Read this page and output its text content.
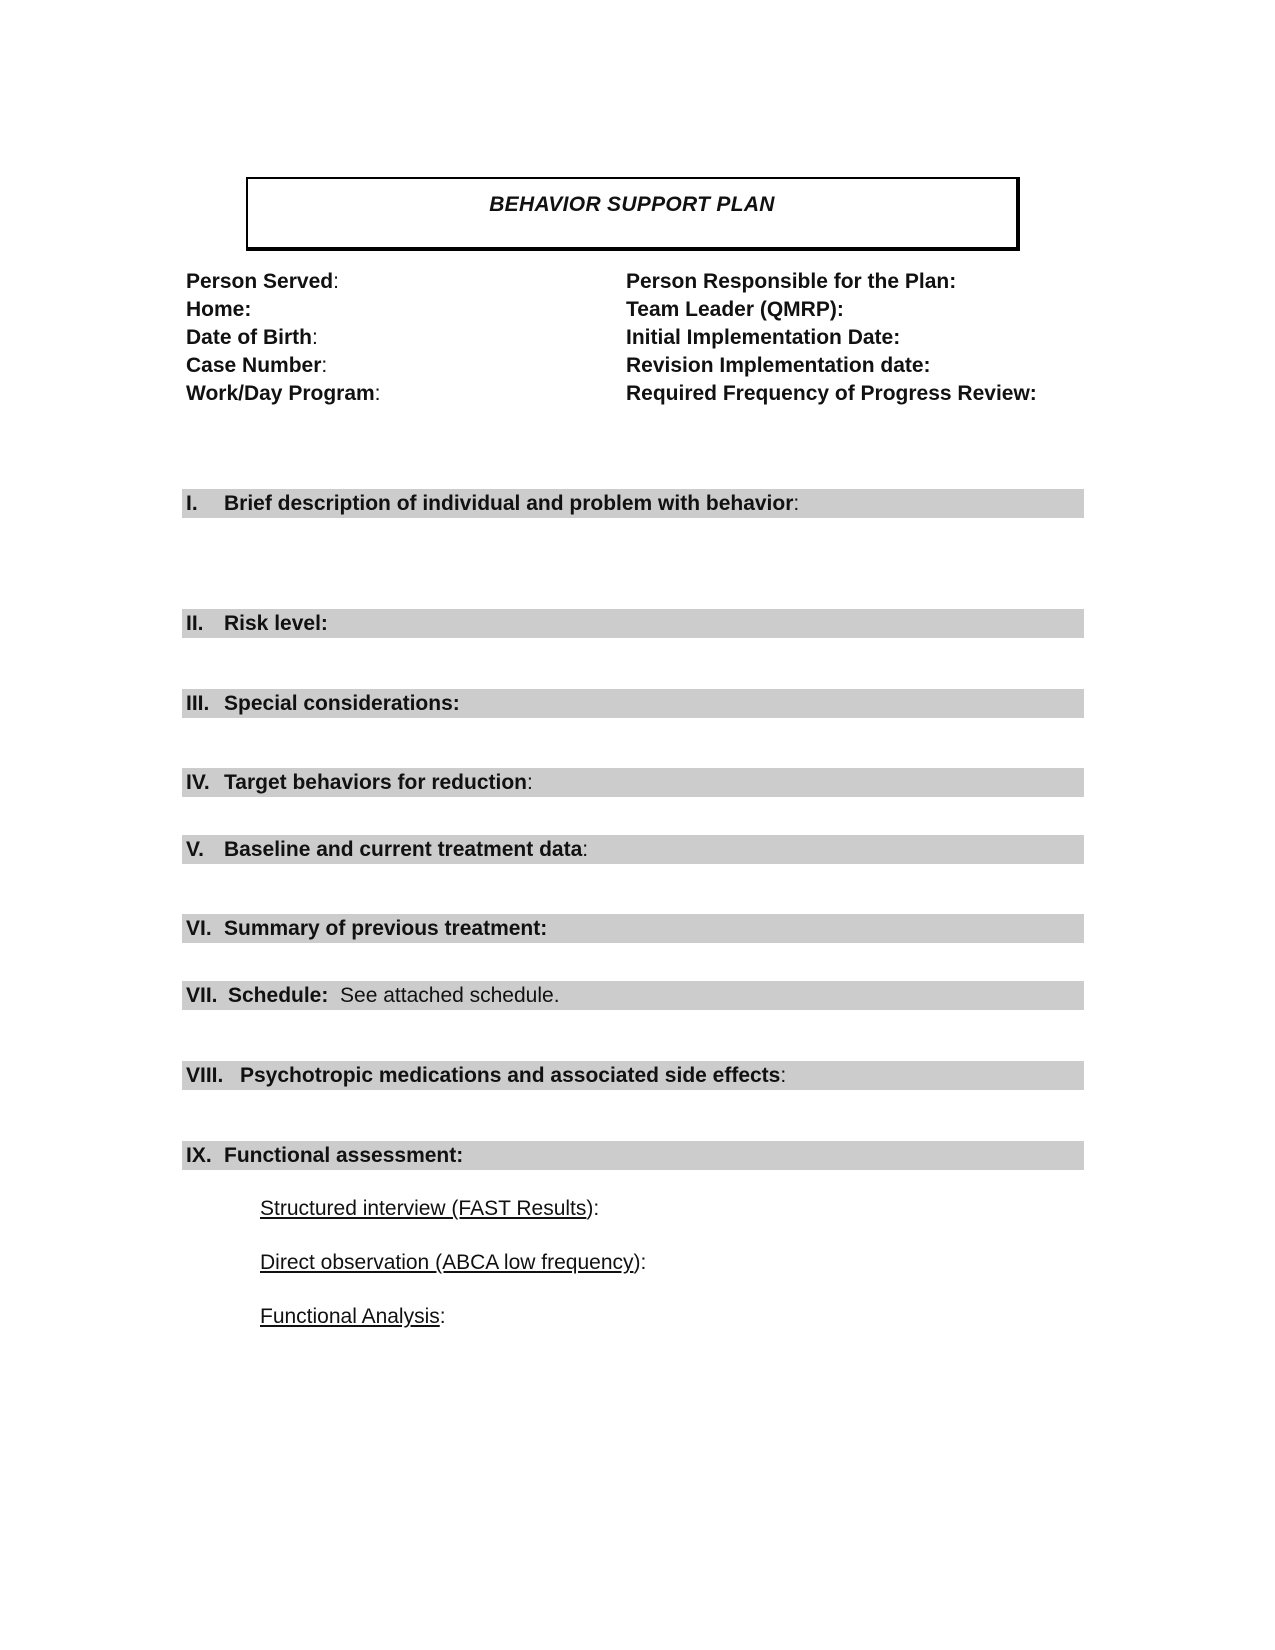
BEHAVIOR SUPPORT PLAN
Person Served:
Home:
Date of Birth:
Case Number:
Work/Day Program:
Person Responsible for the Plan:
Team Leader (QMRP):
Initial Implementation Date:
Revision Implementation date:
Required Frequency of Progress Review:
I. Brief description of individual and problem with behavior:
II. Risk level:
III. Special considerations:
IV. Target behaviors for reduction:
V. Baseline and current treatment data:
VI. Summary of previous treatment:
VII. Schedule: See attached schedule.
VIII. Psychotropic medications and associated side effects:
IX. Functional assessment:
Structured interview (FAST Results):
Direct observation (ABCA low frequency):
Functional Analysis:
